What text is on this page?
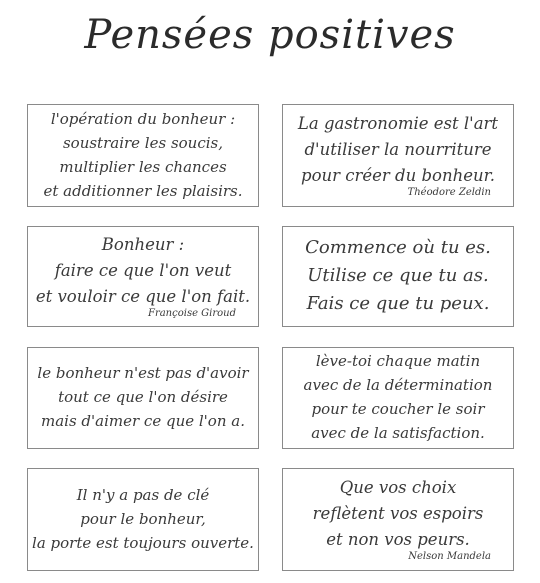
Pensées positives
l'opération du bonheur :
soustraire les soucis,
multiplier les chances
et additionner les plaisirs.
La gastronomie est l'art
d'utiliser la nourriture
pour créer du bonheur.
Théodore Zeldin
Bonheur :
faire ce que l'on veut
et vouloir ce que l'on fait.
Françoise Giroud
Commence où tu es.
Utilise ce que tu as.
Fais ce que tu peux.
le bonheur n'est pas d'avoir
tout ce que l'on désire
mais d'aimer ce que l'on a.
lève-toi chaque matin
avec de la détermination
pour te coucher le soir
avec de la satisfaction.
Il n'y a pas de clé
pour le bonheur,
la porte est toujours ouverte.
Que vos choix
reflètent vos espoirs
et non vos peurs.
Nelson Mandela
